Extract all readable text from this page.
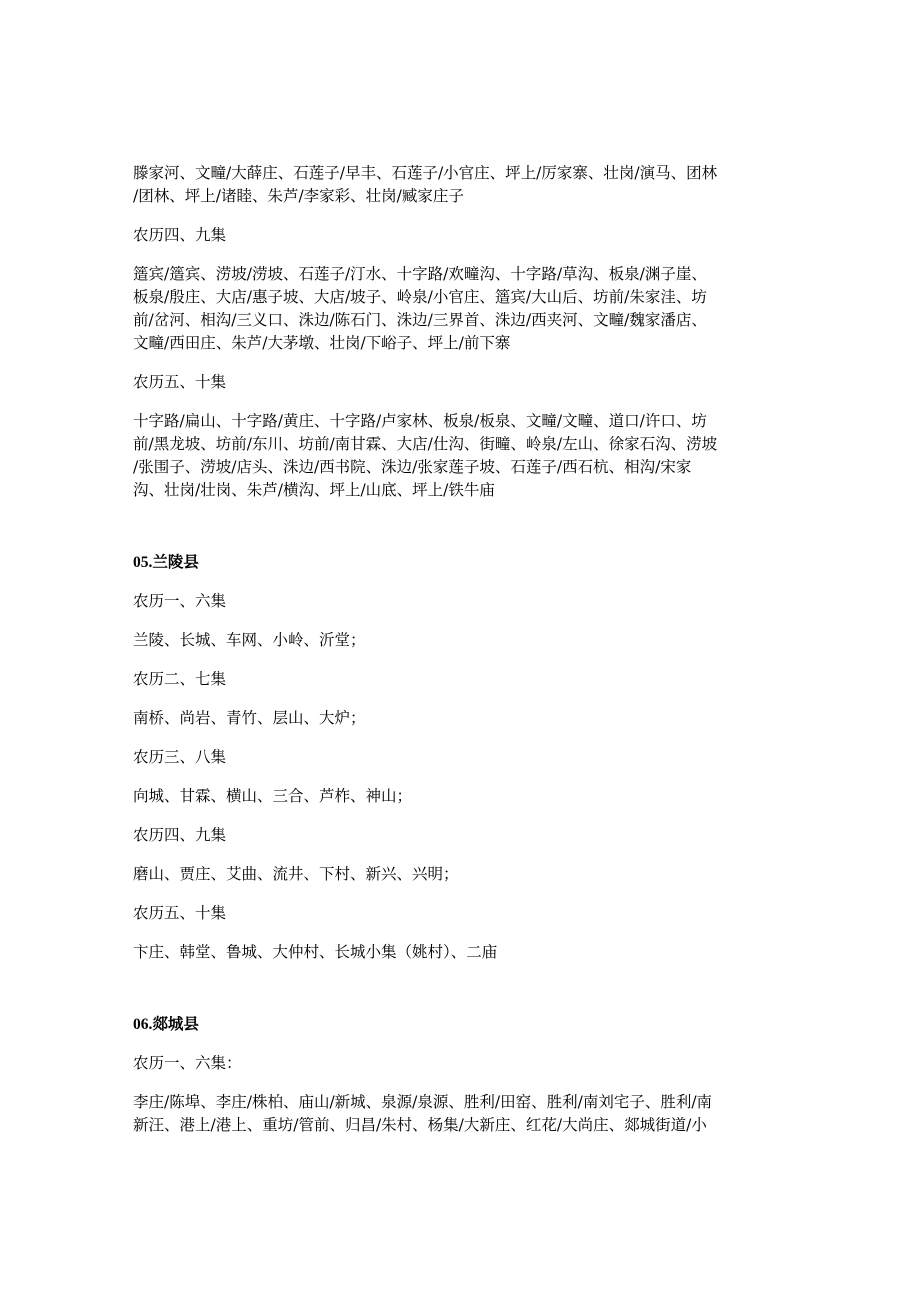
滕家河、文疃/大薛庄、石莲子/早丰、石莲子/小官庄、坪上/厉家寨、壮岗/演马、团林
/团林、坪上/诸睦、朱芦/李家彩、壮岗/臧家庄子

农历四、九集

簉宾/簉宾、涝坡/涝坡、石莲子/汀水、十字路/欢疃沟、十字路/草沟、板泉/渊子崖、
板泉/殷庄、大店/惠子坡、大店/坡子、岭泉/小官庄、簉宾/大山后、坊前/朱家洼、坊
前/岔河、相沟/三义口、洙边/陈石门、洙边/三界首、洙边/西夹河、文疃/魏家潘店、
文疃/西田庄、朱芦/大茅墩、壮岗/下峪子、坪上/前下寨

农历五、十集

十字路/扁山、十字路/黄庄、十字路/卢家林、板泉/板泉、文疃/文疃、道口/许口、坊
前/黑龙坡、坊前/东川、坊前/南甘霖、大店/仕沟、街疃、岭泉/左山、徐家石沟、涝坡
/张围子、涝坡/店头、洙边/西书院、洙边/张家莲子坡、石莲子/西石杭、相沟/宋家
沟、壮岗/壮岗、朱芦/横沟、坪上/山底、坪上/铁牛庙

05.兰陵县

农历一、六集

兰陵、长城、车网、小岭、沂堂；

农历二、七集

南桥、尚岩、青竹、层山、大炉；

农历三、八集

向城、甘霖、横山、三合、芦柞、神山；

农历四、九集

磨山、贾庄、艾曲、流井、下村、新兴、兴明；

农历五、十集

卞庄、韩堂、鲁城、大仲村、长城小集（姚村）、二庙

06.郯城县

农历一、六集：

李庄/陈埠、李庄/株柏、庙山/新城、泉源/泉源、胜利/田窑、胜利/南刘宅子、胜利/南
新汪、港上/港上、重坊/管前、归昌/朱村、杨集/大新庄、红花/大尚庄、郯城街道/小
